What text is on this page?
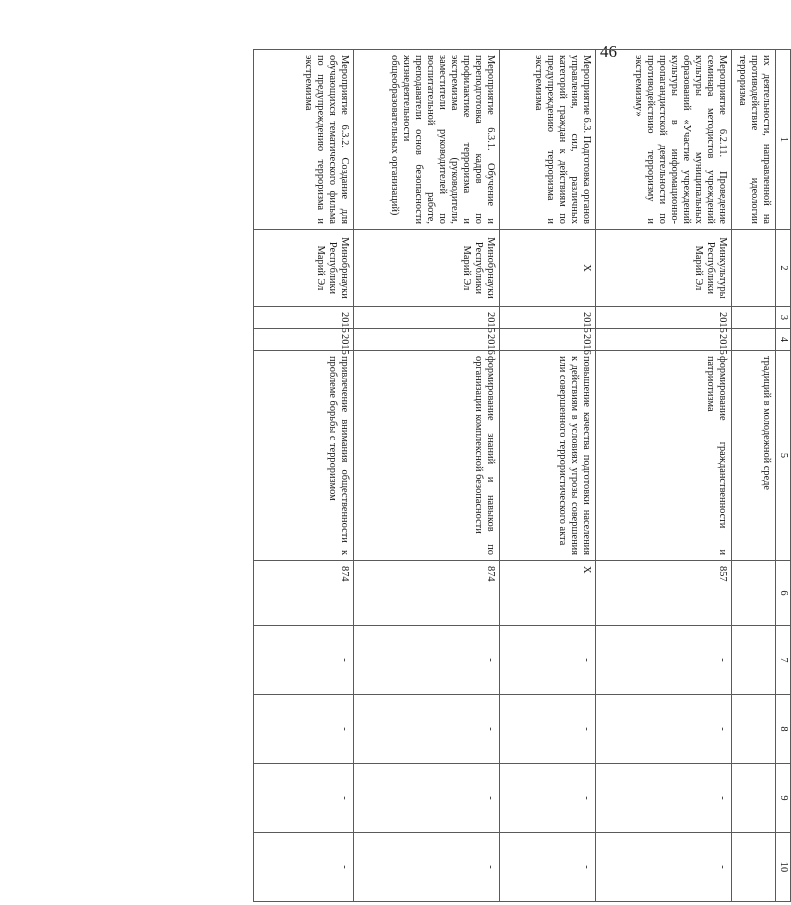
46
1	2	3	4	5	6	7	8	9	10
их деятельности, направленной на противодействие идеологии терроризма				традиций в молодежной среде					
Мероприятие 6.2.11. Проведение семинара методистов учреждений культуры муниципальных образований «Участие учреждений культуры в информационно-пропагандистской деятельности по противодействию терроризму и экстремизму»	Минкультуры Республики Марий Эл	2015	2015	формирование гражданственности и патриотизма	857	-	-	-	-
Мероприятие 6.3. Подготовка органов управления, сил, различных категорий граждан к действиям по предупреждению терроризма и экстремизма	Х	2015	2016	повышение качества подготовки населения к действиям в условиях угрозы совершения или совершенного террористического акта	Х	-	-	-	-
Мероприятие 6.3.1. Обучение и переподготовка кадров по профилактике терроризма и экстремизма (руководители, заместители руководителей по воспитательной работе, преподаватели основ безопасности жизнедеятельности общеобразовательных организаций)	Минобрнауки Республики Марий Эл	2015	2016	формирование знаний и навыков по организации комплексной безопасности	874	-	-	-	-
Мероприятие 6.3.2. Создание для обучающихся тематического фильма по предупреждению терроризма и экстремизма	Минобрнауки Республики Марий Эл	2015	2015	привлечение внимания общественности к проблеме борьбы с терроризмом	874	-	-	-	-
